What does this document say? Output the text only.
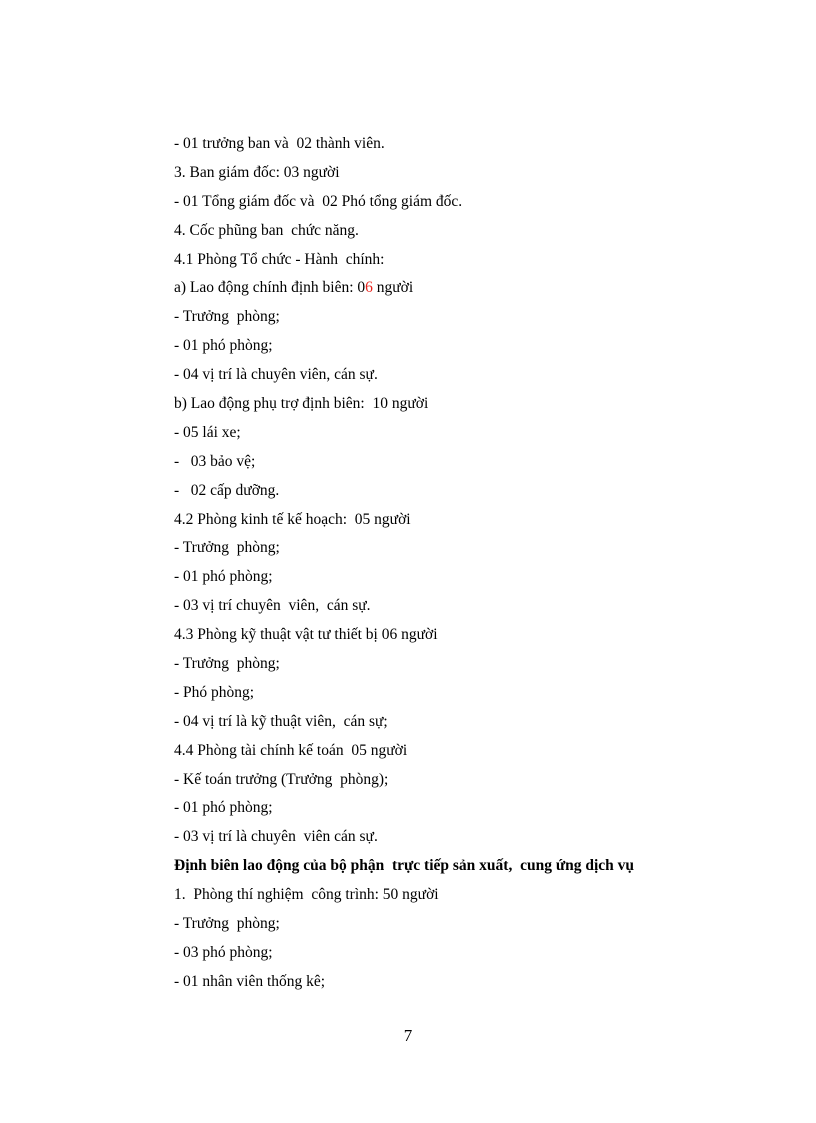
- 01 trưởng ban và  02 thành viên.

3. Ban giám đốc: 03 người

- 01 Tổng giám đốc và  02 Phó tổng giám đốc.

4. Cốc phũng ban  chức năng.

4.1 Phòng Tổ chức - Hành  chính:

a) Lao động chính định biên: 06 người

- Trưởng  phòng;

- 01 phó phòng;

- 04 vị trí là chuyên viên, cán sự.

b) Lao động phụ trợ định biên:  10 người

- 05 lái xe;

-   03 bảo vệ;

-   02 cấp dưỡng.

4.2 Phòng kinh tế kế hoạch:  05 người

- Trưởng  phòng;

- 01 phó phòng;

- 03 vị trí chuyên  viên,  cán sự.

4.3 Phòng kỹ thuật vật tư thiết bị 06 người

- Trưởng  phòng;

- Phó phòng;

- 04 vị trí là kỹ thuật viên,  cán sự;

4.4 Phòng tài chính kế toán  05 người

- Kế toán trưởng (Trưởng  phòng);

- 01 phó phòng;

- 03 vị trí là chuyên  viên cán sự.

Định biên lao động của bộ phận  trực tiếp sản xuất,  cung ứng dịch vụ

1.  Phòng thí nghiệm  công trình: 50 người

- Trưởng  phòng;

- 03 phó phòng;

- 01 nhân viên thống kê;

7
